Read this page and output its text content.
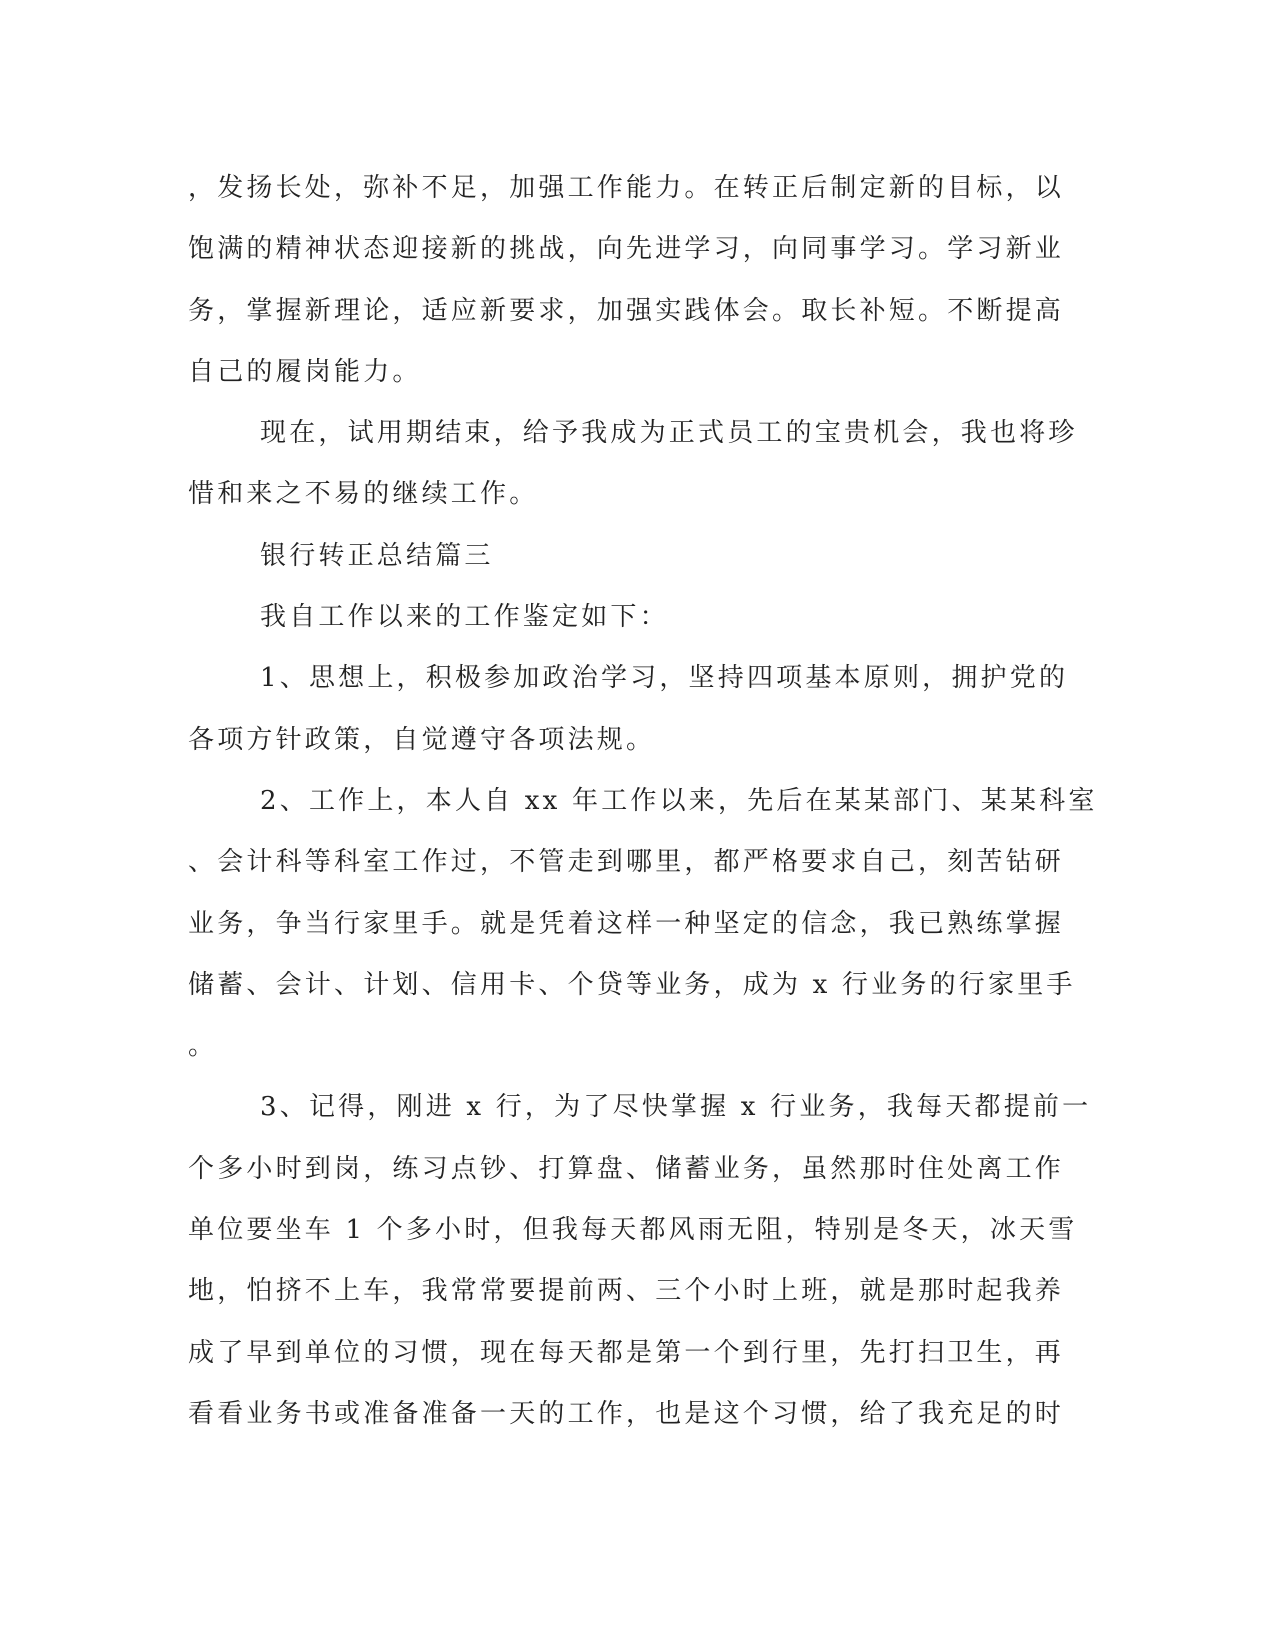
，发扬长处，弥补不足，加强工作能力。在转正后制定新的目标，以
饱满的精神状态迎接新的挑战，向先进学习，向同事学习。学习新业
务，掌握新理论，适应新要求，加强实践体会。取长补短。不断提高
自己的履岗能力。
现在，试用期结束，给予我成为正式员工的宝贵机会，我也将珍
惜和来之不易的继续工作。
银行转正总结篇三
我自工作以来的工作鉴定如下：
1、思想上，积极参加政治学习，坚持四项基本原则，拥护党的
各项方针政策，自觉遵守各项法规。
2、工作上，本人自 xx 年工作以来，先后在某某部门、某某科室
、会计科等科室工作过，不管走到哪里，都严格要求自己，刻苦钻研
业务，争当行家里手。就是凭着这样一种坚定的信念，我已熟练掌握
储蓄、会计、计划、信用卡、个贷等业务，成为 x 行业务的行家里手
。
3、记得，刚进 x 行，为了尽快掌握 x 行业务，我每天都提前一
个多小时到岗，练习点钞、打算盘、储蓄业务，虽然那时住处离工作
单位要坐车 1 个多小时，但我每天都风雨无阻，特别是冬天，冰天雪
地，怕挤不上车，我常常要提前两、三个小时上班，就是那时起我养
成了早到单位的习惯，现在每天都是第一个到行里，先打扫卫生，再
看看业务书或准备准备一天的工作，也是这个习惯，给了我充足的时
